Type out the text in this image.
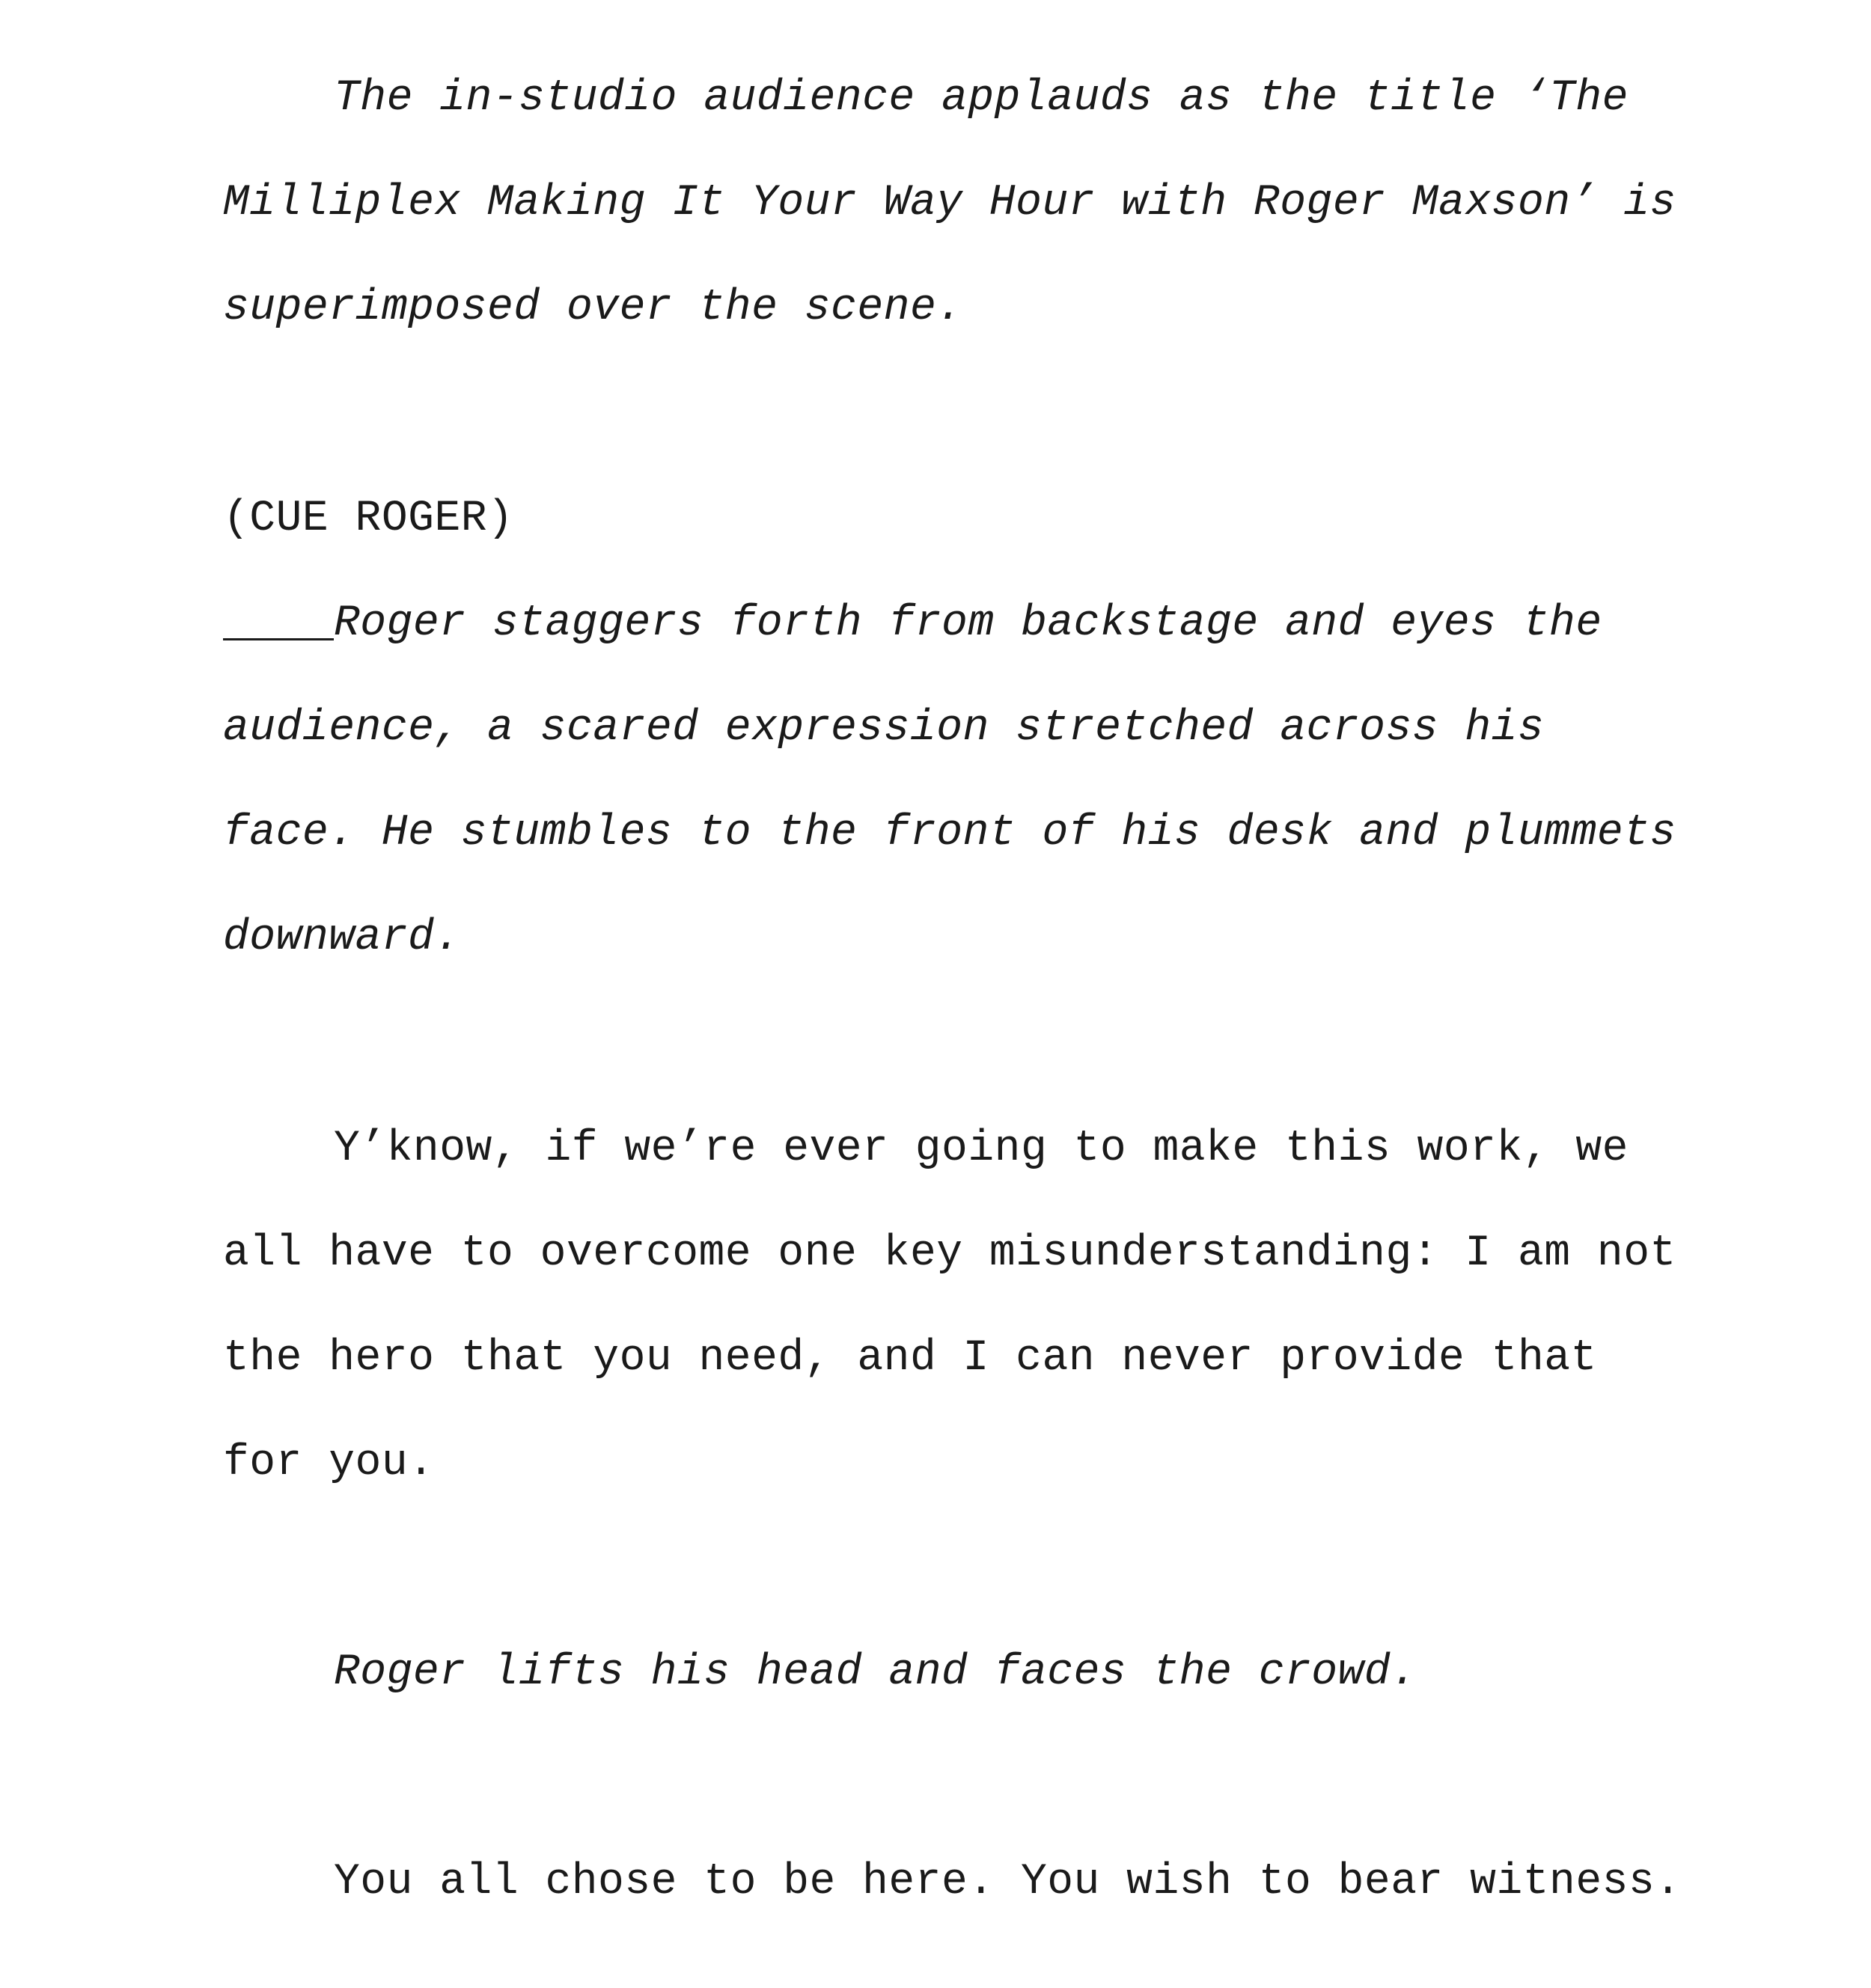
The in-studio audience applauds as the title ‘The
Milliplex Making It Your Way Hour with Roger Maxson’ is
superimposed over the scene.
(CUE ROGER)
Roger staggers forth from backstage and eyes the
audience, a scared expression stretched across his
face. He stumbles to the front of his desk and plummets
downward.
Y’know, if we’re ever going to make this work, we
all have to overcome one key misunderstanding: I am not
the hero that you need, and I can never provide that
for you.
Roger lifts his head and faces the crowd.
You all chose to be here. You wish to bear witness.
